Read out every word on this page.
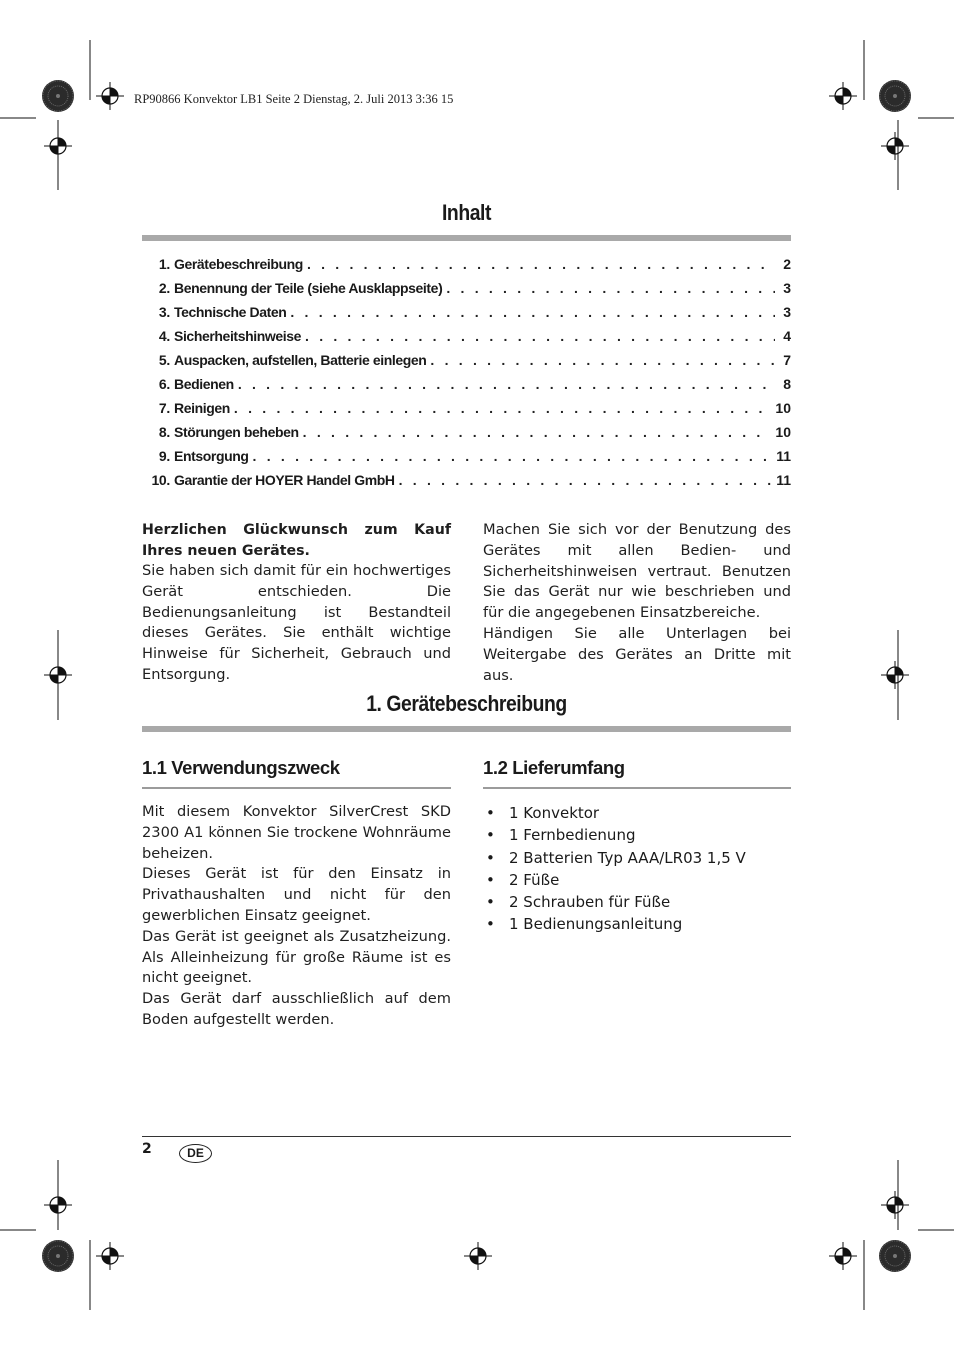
RP90866 Konvektor LB1 Seite 2 Dienstag, 2. Juli 2013 3:36 15
Inhalt
1. Gerätebeschreibung . . .	2
2. Benennung der Teile (siehe Ausklappseite) . . .	3
3. Technische Daten . . .	3
4. Sicherheitshinweise . . .	4
5. Auspacken, aufstellen, Batterie einlegen . . .	7
6. Bedienen . . .	8
7. Reinigen . . .	10
8. Störungen beheben . . .	10
9. Entsorgung . . .	11
10. Garantie der HOYER Handel GmbH . . .	11

Herzlichen Glückwunsch zum Kauf Ihres neuen Gerätes.

Sie haben sich damit für ein hochwertiges Gerät entschieden. Die Bedienungsanleitung ist Bestandteil dieses Gerätes. Sie enthält wichtige Hinweise für Sicherheit, Gebrauch und Entsorgung.

Machen Sie sich vor der Benutzung des Gerätes mit allen Bedien- und Sicherheitshinweisen vertraut. Benutzen Sie das Gerät nur wie beschrieben und für die angegebenen Einsatzbereiche.

Händigen Sie alle Unterlagen bei Weitergabe des Gerätes an Dritte mit aus.

1. Gerätebeschreibung
1.1 Verwendungszweck

Mit diesem Konvektor SilverCrest SKD 2300 A1 können Sie trockene Wohnräume beheizen.

Dieses Gerät ist für den Einsatz in Privathaushalten und nicht für den gewerblichen Einsatz geeignet.

Das Gerät ist geeignet als Zusatzheizung. Als Alleinheizung für große Räume ist es nicht geeignet.

Das Gerät darf ausschließlich auf dem Boden aufgestellt werden.

1.2 Lieferumfang
• 1 Konvektor
• 1 Fernbedienung
• 2 Batterien Typ AAA/LR03 1,5 V
• 2 Füße
• 2 Schrauben für Füße
• 1 Bedienungsanleitung
2	DE
